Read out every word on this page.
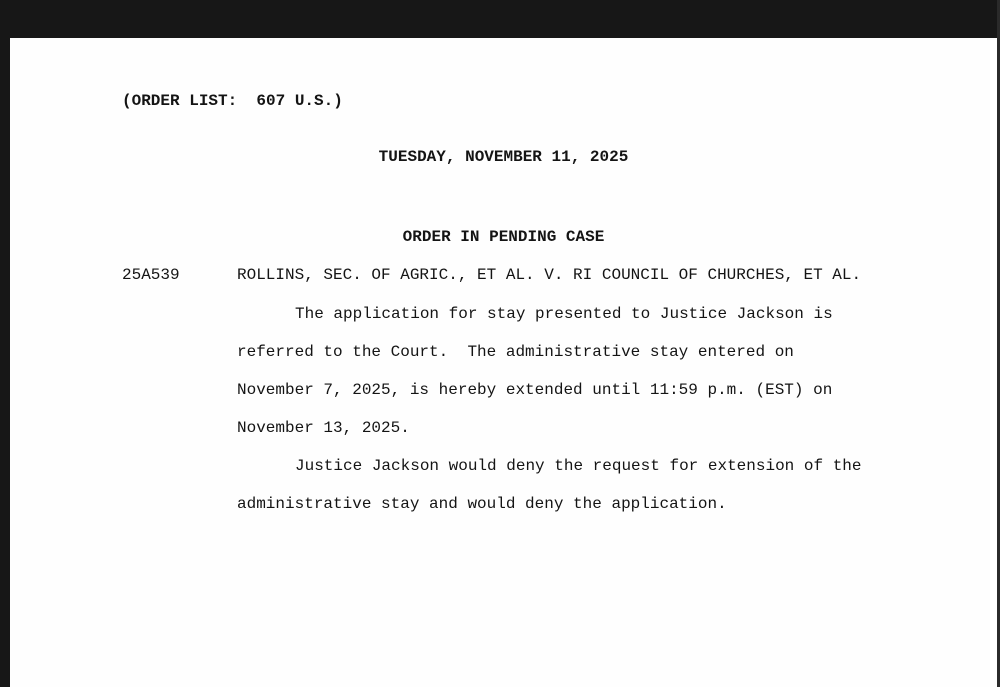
(ORDER LIST:  607 U.S.)
TUESDAY, NOVEMBER 11, 2025
ORDER IN PENDING CASE
25A539	ROLLINS, SEC. OF AGRIC., ET AL. V. RI COUNCIL OF CHURCHES, ET AL.
The application for stay presented to Justice Jackson is
referred to the Court.  The administrative stay entered on
November 7, 2025, is hereby extended until 11:59 p.m. (EST) on
November 13, 2025.
Justice Jackson would deny the request for extension of the
administrative stay and would deny the application.
